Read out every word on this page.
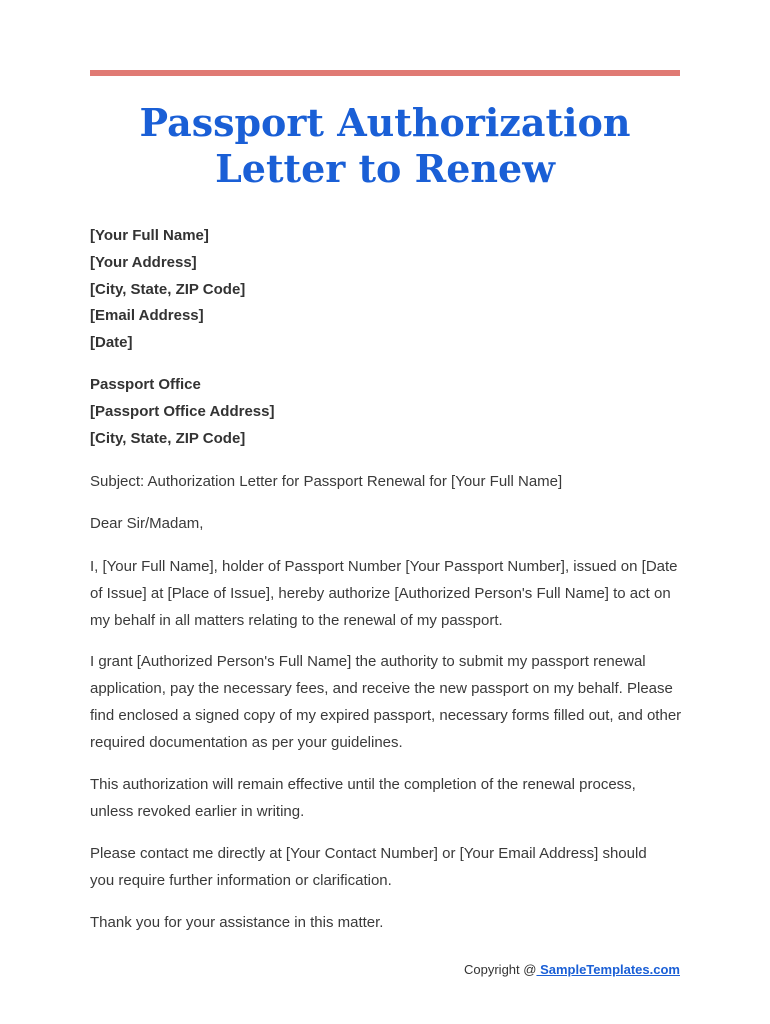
Passport Authorization
Letter to Renew
[Your Full Name]
[Your Address]
[City, State, ZIP Code]
[Email Address]
[Date]
Passport Office
[Passport Office Address]
[City, State, ZIP Code]

Subject: Authorization Letter for Passport Renewal for [Your Full Name]

Dear Sir/Madam,

I, [Your Full Name], holder of Passport Number [Your Passport Number], issued on [Date of Issue] at [Place of Issue], hereby authorize [Authorized Person's Full Name] to act on my behalf in all matters relating to the renewal of my passport.

I grant [Authorized Person's Full Name] the authority to submit my passport renewal application, pay the necessary fees, and receive the new passport on my behalf. Please find enclosed a signed copy of my expired passport, necessary forms filled out, and other required documentation as per your guidelines.

This authorization will remain effective until the completion of the renewal process, unless revoked earlier in writing.

Please contact me directly at [Your Contact Number] or [Your Email Address] should you require further information or clarification.

Thank you for your assistance in this matter.

Copyright @ SampleTemplates.com
